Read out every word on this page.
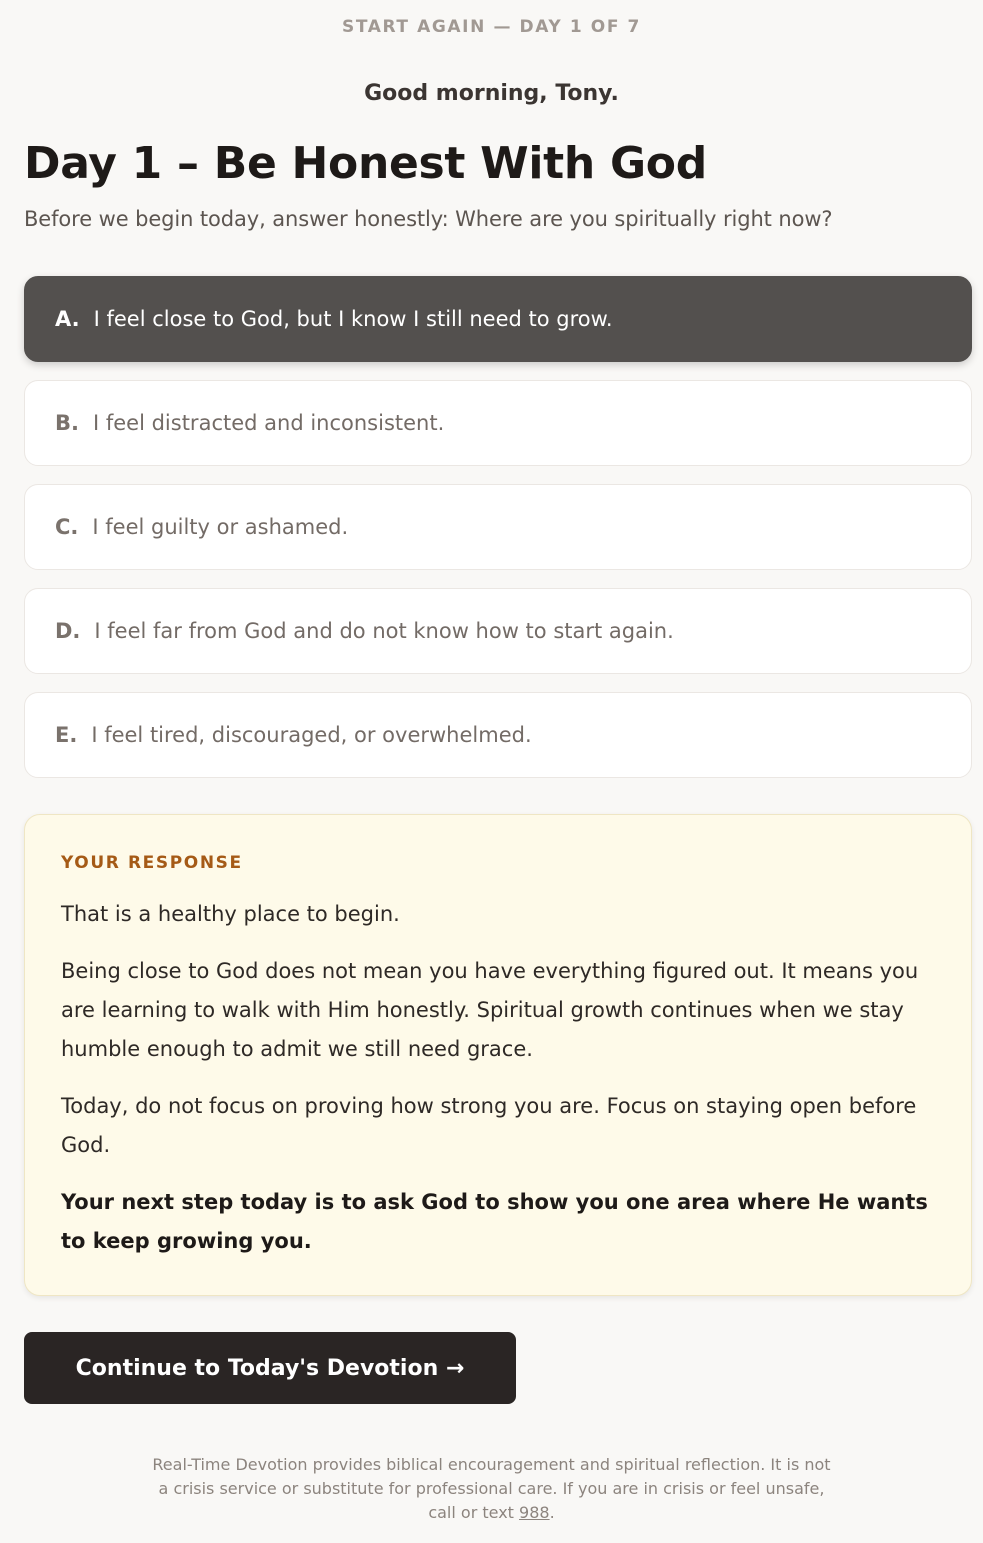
START AGAIN — DAY 1 OF 7
Good morning, Tony.
Day 1 – Be Honest With God
Before we begin today, answer honestly: Where are you spiritually right now?
A. I feel close to God, but I know I still need to grow.
B. I feel distracted and inconsistent.
C. I feel guilty or ashamed.
D. I feel far from God and do not know how to start again.
E. I feel tired, discouraged, or overwhelmed.
YOUR RESPONSE

That is a healthy place to begin.

Being close to God does not mean you have everything figured out. It means you are learning to walk with Him honestly. Spiritual growth continues when we stay humble enough to admit we still need grace.

Today, do not focus on proving how strong you are. Focus on staying open before God.

Your next step today is to ask God to show you one area where He wants to keep growing you.

Continue to Today's Devotion →
Real-Time Devotion provides biblical encouragement and spiritual reflection. It is not a crisis service or substitute for professional care. If you are in crisis or feel unsafe, call or text 988.
